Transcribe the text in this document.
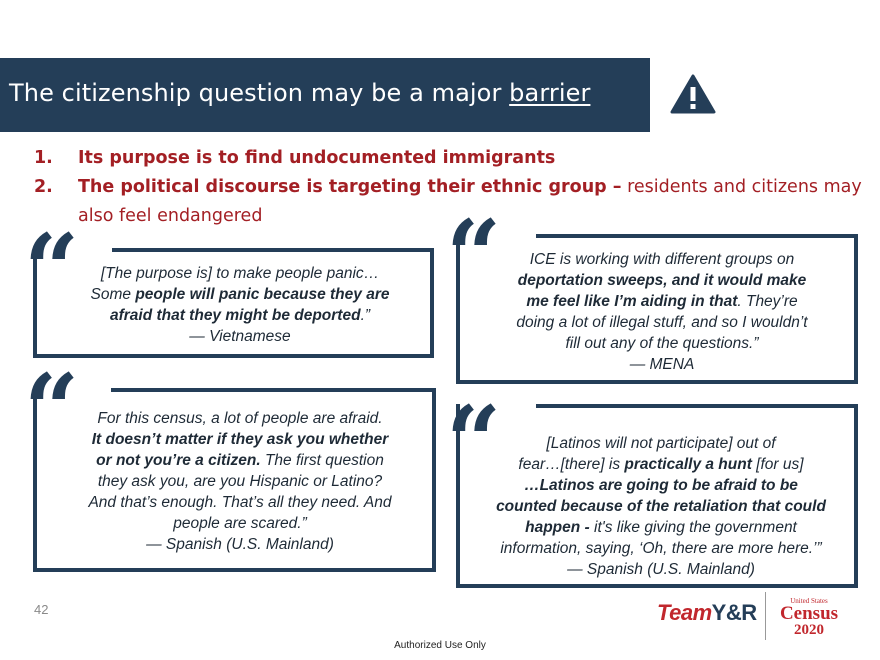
The citizenship question may be a major barrier
1. Its purpose is to find undocumented immigrants
2. The political discourse is targeting their ethnic group – residents and citizens may also feel endangered
“	[The purpose is] to make people panic…
Some people will panic because they are
afraid that they might be deported.”
— Vietnamese
“	ICE is working with different groups on
deportation sweeps, and it would make
me feel like I’m aiding in that. They’re
doing a lot of illegal stuff, and so I wouldn’t
fill out any of the questions.”
— MENA
“	For this census, a lot of people are afraid.
It doesn’t matter if they ask you whether
or not you’re a citizen. The first question
they ask you, are you Hispanic or Latino?
And that’s enough. That’s all they need. And
people are scared.”
— Spanish (U.S. Mainland)
“	[Latinos will not participate] out of
fear…[there] is practically a hunt [for us]
…Latinos are going to be afraid to be
counted because of the retaliation that could
happen - it's like giving the government
information, saying, ‘Oh, there are more here.’”
— Spanish (U.S. Mainland)
42
Authorized Use Only
TeamY&R	United States
Census
2020
